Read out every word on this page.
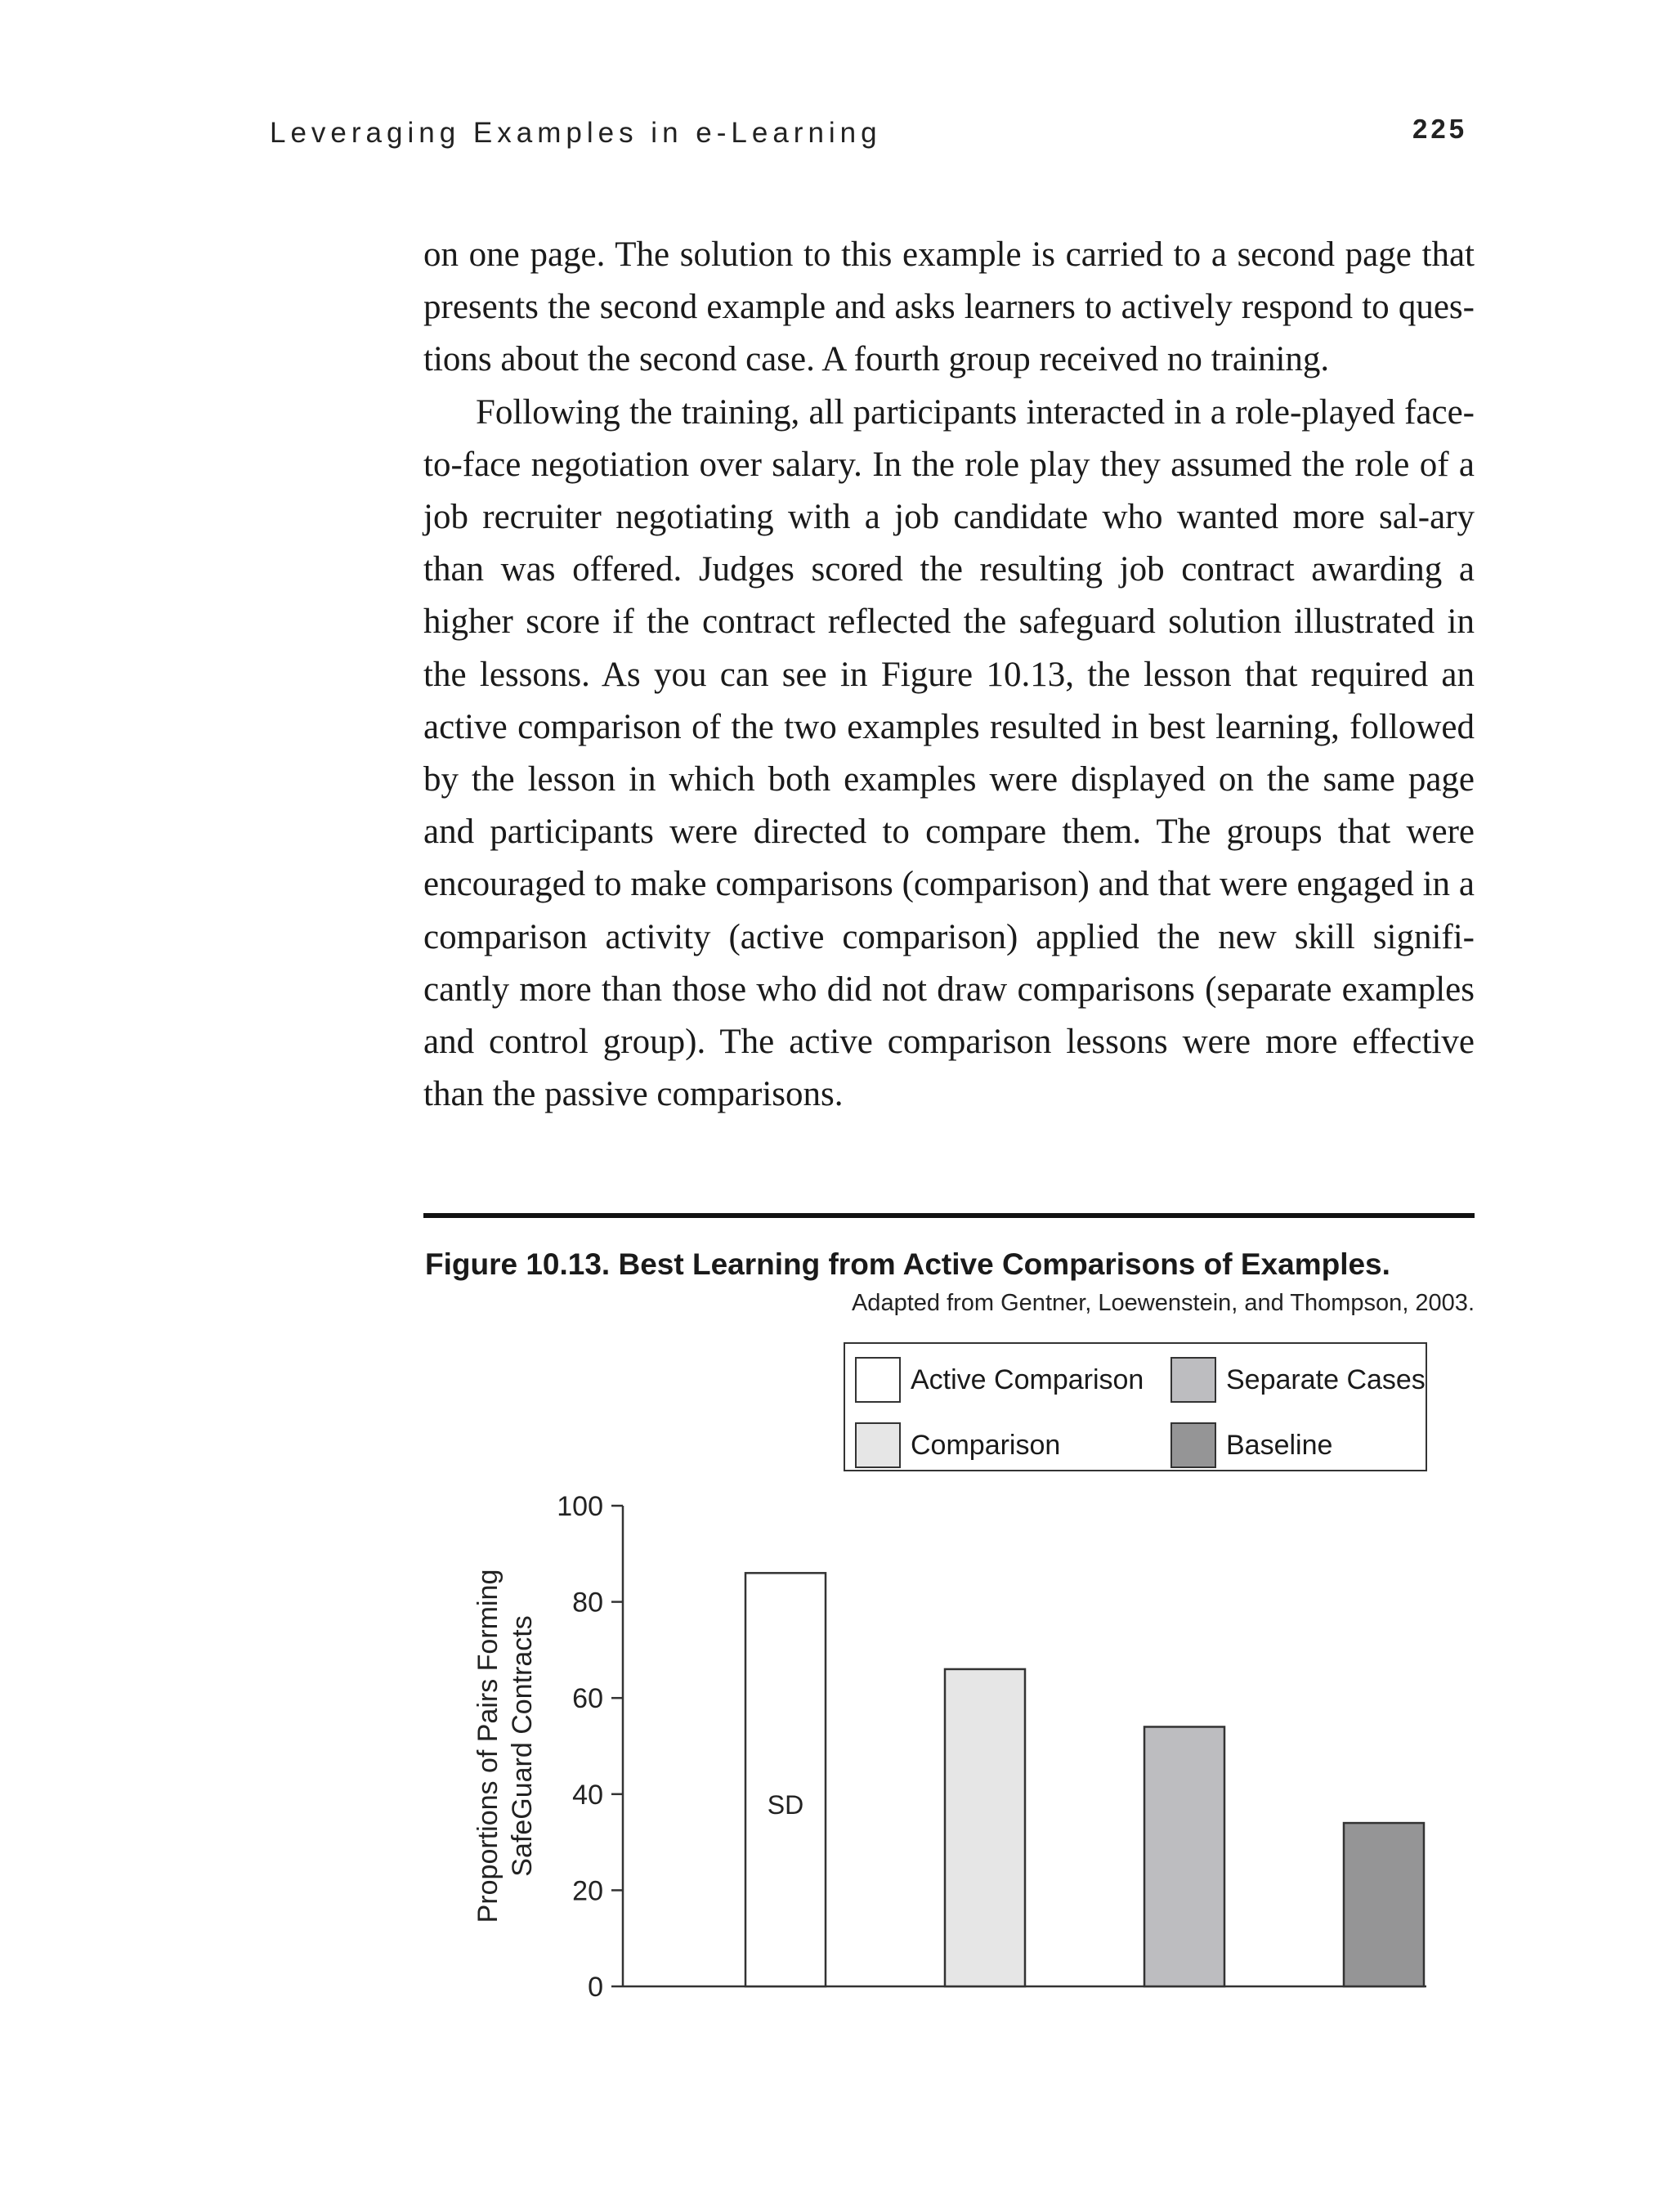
Leveraging Examples in e-Learning	225

on one page. The solution to this example is carried to a second page that presents the second example and asks learners to actively respond to ques-tions about the second case. A fourth group received no training.

Following the training, all participants interacted in a role-played face-to-face negotiation over salary. In the role play they assumed the role of a job recruiter negotiating with a job candidate who wanted more sal-ary than was offered. Judges scored the resulting job contract awarding a higher score if the contract reflected the safeguard solution illustrated in the lessons. As you can see in Figure 10.13, the lesson that required an active comparison of the two examples resulted in best learning, followed by the lesson in which both examples were displayed on the same page and participants were directed to compare them. The groups that were encouraged to make comparisons (comparison) and that were engaged in a comparison activity (active comparison) applied the new skill signifi-cantly more than those who did not draw comparisons (separate examples and control group). The active comparison lessons were more effective than the passive comparisons.

Figure 10.13. Best Learning from Active Comparisons of Examples.
Adapted from Gentner, Loewenstein, and Thompson, 2003.
Active Comparison	Separate Cases
Comparison	Baseline
0
20
40
60
80
100
Proportions of Pairs Forming SafeGuard Contracts	SD
